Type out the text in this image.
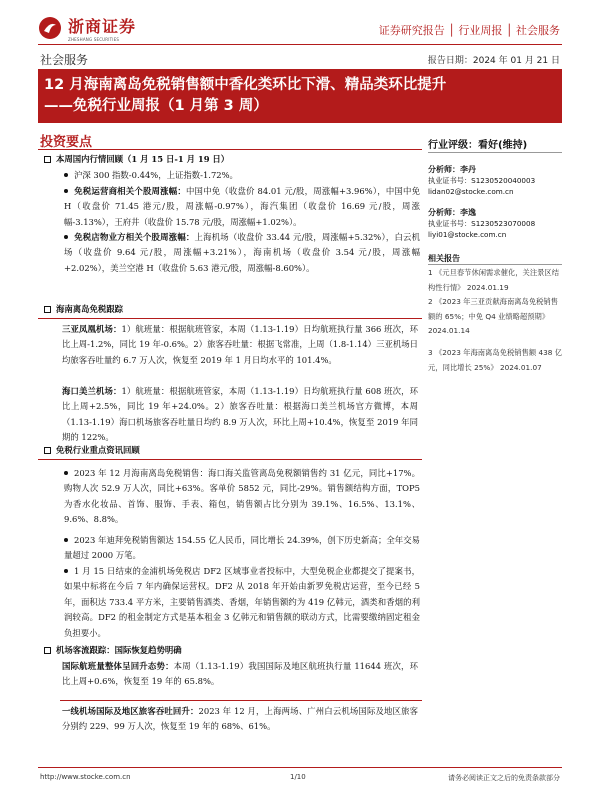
浙商证券
ZHESHANG SECURITIES
证券研究报告 │ 行业周报 │ 社会服务
社会服务	报告日期：2024 年 01 月 21 日
12 月海南离岛免税销售额中香化类环比下滑、精品类环比提升
——免税行业周报（1 月第 3 周）
投资要点
本周国内行情回顾（1 月 15 日-1 月 19 日）
沪深 300 指数-0.44%，上证指数-1.72%。
免税运营商相关个股周涨幅：中国中免（收盘价 84.01 元/股，周涨幅+3.96%），中国中免 H（收盘价 71.45 港元/股，周涨幅-0.97%），海汽集团（收盘价 16.69 元/股，周涨幅-3.13%），王府井（收盘价 15.78 元/股，周涨幅+1.02%）。
免税店物业方相关个股周涨幅：上海机场（收盘价 33.44 元/股，周涨幅+5.32%），白云机场（收盘价 9.64 元/股，周涨幅+3.21%），海南机场（收盘价 3.54 元/股，周涨幅 +2.02%），美兰空港 H（收盘价 5.63 港元/股，周涨幅-8.60%）。
海南离岛免税跟踪
三亚凤凰机场：1）航班量：根据航班管家，本周（1.13-1.19）日均航班执行量 366 班次，环比上周-1.2%，同比 19 年-0.6%。2）旅客吞吐量：根据飞常准，上周（1.8-1.14）三亚机场日均旅客吞吐量约 6.7 万人次，恢复至 2019 年 1 月日均水平的 101.4%。
海口美兰机场：1）航班量：根据航班管家，本周（1.13-1.19）日均航班执行量 608 班次，环比上周+2.5%，同比 19 年+24.0%。2）旅客吞吐量：根据海口美兰机场官方微博，本周（1.13-1.19）海口机场旅客吞吐量日均约 8.9 万人次，环比上周+10.4%，恢复至 2019 年同期的 122%。
免税行业重点资讯回顾
2023 年 12 月海南离岛免税销售：海口海关监管离岛免税额销售约 31 亿元，同比+17%。购物人次 52.9 万人次，同比+63%。客单价 5852 元，同比-29%。销售额结构方面，TOP5 为香水化妆品、首饰、服饰、手表、箱包，销售额占比分别为 39.1%、16.5%、13.1%、9.6%、8.8%。
2023 年迪拜免税销售额达 154.55 亿人民币，同比增长 24.39%，创下历史新高；全年交易量超过 2000 万笔。
1 月 15 日结束的金浦机场免税店 DF2 区域事业者投标中，大型免税企业都提交了提案书，如果中标将在今后 7 年内确保运营权。DF2 从 2018 年开始由新罗免税店运营，至今已经 5 年，面积达 733.4 平方米，主要销售酒类、香烟，年销售额约为 419 亿韩元，酒类和香烟的利润较高。DF2 的租金制定方式是基本租金 3 亿韩元和销售额的联动方式，比需要缴纳固定租金负担要小。
机场客流跟踪：国际恢复趋势明确
国际航班量整体呈回升态势：本周（1.13-1.19）我国国际及地区航班执行量 11644 班次，环比上周+0.6%，恢复至 19 年的 65.8%。
一线机场国际及地区旅客吞吐回升：2023 年 12 月，上海两场、广州白云机场国际及地区旅客分别约 229、99 万人次，恢复至 19 年的 68%、61%。
行业评级：看好(维持)
分析师：李丹
执业证书号：S1230520040003
lidan02@stocke.com.cn
分析师：李逸
执业证书号：S1230523070008
liyi01@stocke.com.cn
相关报告
1 《元旦春节休闲需求催化，关注景区结构性行情》 2024.01.19
2 《2023 年三亚贡献海南离岛免税销售额的 65%；中免 Q4 业绩略超预期》 2024.01.14
3 《2023 年海南离岛免税销售额 438 亿元，同比增长 25%》 2024.01.07
http://www.stocke.com.cn	1/10	请务必阅读正文之后的免责条款部分
